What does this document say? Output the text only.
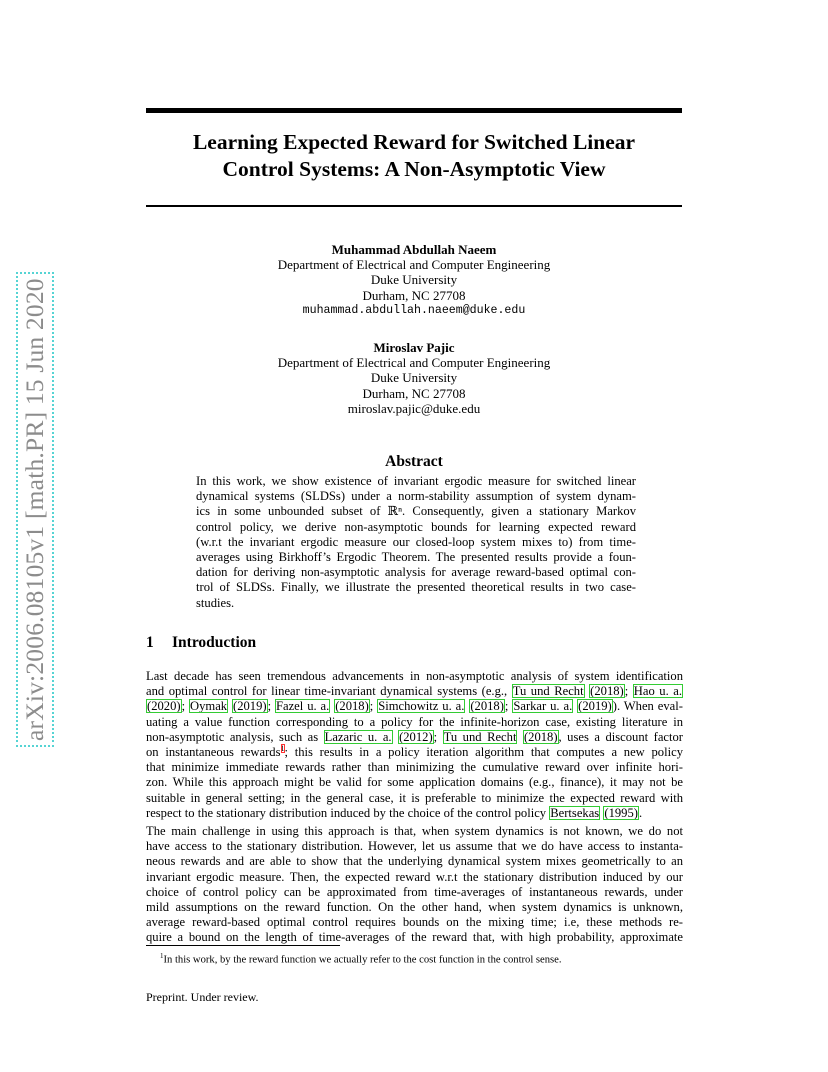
arXiv:2006.08105v1 [math.PR] 15 Jun 2020
Learning Expected Reward for Switched Linear
Control Systems: A Non-Asymptotic View
Muhammad Abdullah Naeem
Department of Electrical and Computer Engineering
Duke University
Durham, NC 27708
muhammad.abdullah.naeem@duke.edu
Miroslav Pajic
Department of Electrical and Computer Engineering
Duke University
Durham, NC 27708
miroslav.pajic@duke.edu
Abstract
In this work, we show existence of invariant ergodic measure for switched linear
dynamical systems (SLDSs) under a norm-stability assumption of system dynam-
ics in some unbounded subset of ℝⁿ. Consequently, given a stationary Markov
control policy, we derive non-asymptotic bounds for learning expected reward
(w.r.t the invariant ergodic measure our closed-loop system mixes to) from time-
averages using Birkhoff’s Ergodic Theorem. The presented results provide a foun-
dation for deriving non-asymptotic analysis for average reward-based optimal con-
trol of SLDSs. Finally, we illustrate the presented theoretical results in two case-
studies.
1 Introduction
Last decade has seen tremendous advancements in non-asymptotic analysis of system identification
and optimal control for linear time-invariant dynamical systems (e.g., Tu und Recht (2018); Hao u. a.
(2020); Oymak (2019); Fazel u. a. (2018); Simchowitz u. a. (2018); Sarkar u. a. (2019)). When eval-
uating a value function corresponding to a policy for the infinite-horizon case, existing literature in
non-asymptotic analysis, such as Lazaric u. a. (2012); Tu und Recht (2018), uses a discount factor
on instantaneous rewards$^1$; this results in a policy iteration algorithm that computes a new policy
that minimize immediate rewards rather than minimizing the cumulative reward over infinite hori-
zon. While this approach might be valid for some application domains (e.g., finance), it may not be
suitable in general setting; in the general case, it is preferable to minimize the expected reward with
respect to the stationary distribution induced by the choice of the control policy Bertsekas (1995).
The main challenge in using this approach is that, when system dynamics is not known, we do not
have access to the stationary distribution. However, let us assume that we do have access to instanta-
neous rewards and are able to show that the underlying dynamical system mixes geometrically to an
invariant ergodic measure. Then, the expected reward w.r.t the stationary distribution induced by our
choice of control policy can be approximated from time-averages of instantaneous rewards, under
mild assumptions on the reward function. On the other hand, when system dynamics is unknown,
average reward-based optimal control requires bounds on the mixing time; i.e, these methods re-
quire a bound on the length of time-averages of the reward that, with high probability, approximate
$^1$In this work, by the reward function we actually refer to the cost function in the control sense.
Preprint. Under review.
